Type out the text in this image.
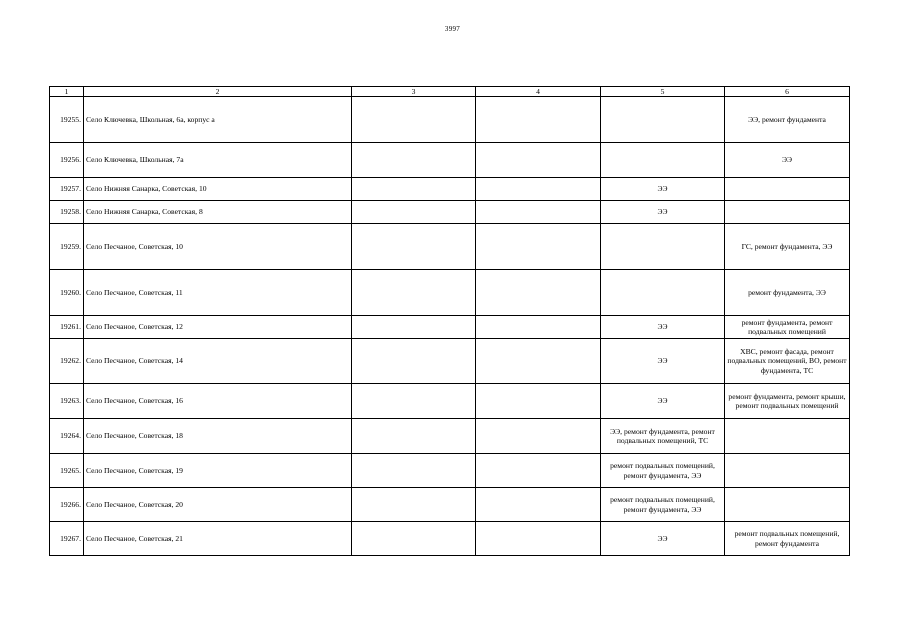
3997
1	2	3	4	5	6
19255.	Село Ключевка, Школьная, 6а, корпус а				ЭЭ, ремонт фундамента
19256.	Село Ключевка, Школьная, 7а				ЭЭ
19257.	Село Нижняя Санарка, Советская, 10			ЭЭ	
19258.	Село Нижняя Санарка, Советская, 8			ЭЭ	
19259.	Село Песчаное, Советская, 10				ГС, ремонт фундамента, ЭЭ
19260.	Село Песчаное, Советская, 11				ремонт фундамента, ЭЭ
19261.	Село Песчаное, Советская, 12			ЭЭ	ремонт фундамента, ремонт подвальных помещений
19262.	Село Песчаное, Советская, 14			ЭЭ	ХВС, ремонт фасада, ремонт подвальных помещений, ВО, ремонт фундамента, ТС
19263.	Село Песчаное, Советская, 16			ЭЭ	ремонт фундамента, ремонт крыши, ремонт подвальных помещений
19264.	Село Песчаное, Советская, 18			ЭЭ, ремонт фундамента, ремонт подвальных помещений, ТС	
19265.	Село Песчаное, Советская, 19			ремонт подвальных помещений, ремонт фундамента, ЭЭ	
19266.	Село Песчаное, Советская, 20			ремонт подвальных помещений, ремонт фундамента, ЭЭ	
19267.	Село Песчаное, Советская, 21			ЭЭ	ремонт подвальных помещений, ремонт фундамента
